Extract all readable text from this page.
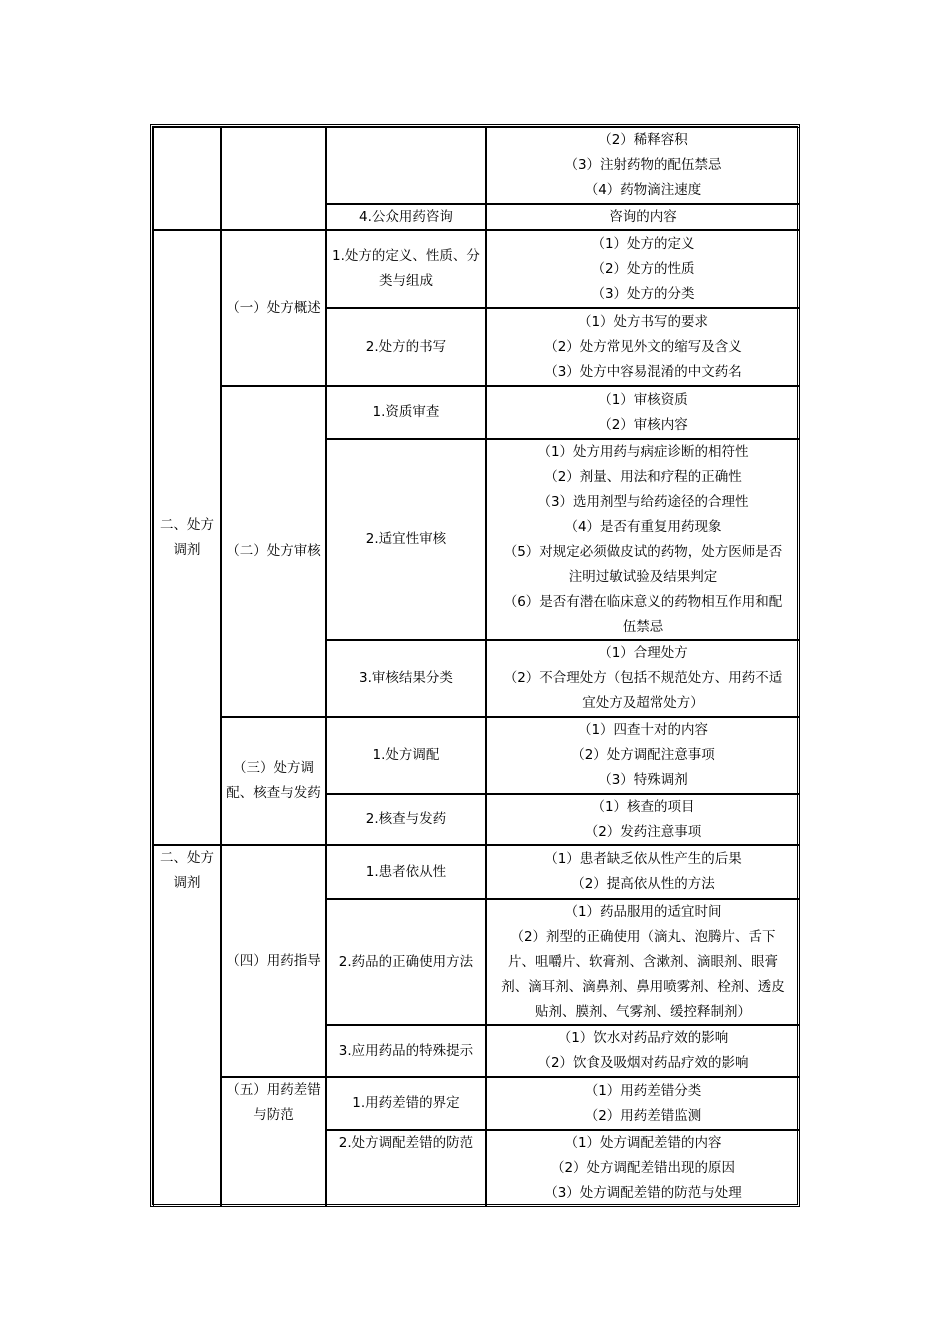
（2）稀释容积
（3）注射药物的配伍禁忌
（4）药物滴注速度
4.公众用药咨询	咨询的内容
二、处方调剂
（一）处方概述
1.处方的定义、性质、分类与组成
（1）处方的定义
（2）处方的性质
（3）处方的分类
2.处方的书写
（1）处方书写的要求
（2）处方常见外文的缩写及含义
（3）处方中容易混淆的中文药名
（二）处方审核
1.资质审查
（1）审核资质
（2）审核内容
2.适宜性审核
（1）处方用药与病症诊断的相符性
（2）剂量、用法和疗程的正确性
（3）选用剂型与给药途径的合理性
（4）是否有重复用药现象
（5）对规定必须做皮试的药物，处方医师是否
注明过敏试验及结果判定
（6）是否有潜在临床意义的药物相互作用和配
伍禁忌
3.审核结果分类
（1）合理处方
（2）不合理处方（包括不规范处方、用药不适
宜处方及超常处方）
（三）处方调
配、核查与发药
1.处方调配
（1）四查十对的内容
（2）处方调配注意事项
（3）特殊调剂
2.核查与发药
（1）核查的项目
（2）发药注意事项
二、处方
调剂
（四）用药指导
1.患者依从性
（1）患者缺乏依从性产生的后果
（2）提高依从性的方法
2.药品的正确使用方法
（1）药品服用的适宜时间
（2）剂型的正确使用（滴丸、泡腾片、舌下
片、咀嚼片、软膏剂、含漱剂、滴眼剂、眼膏
剂、滴耳剂、滴鼻剂、鼻用喷雾剂、栓剂、透皮
贴剂、膜剂、气雾剂、缓控释制剂）
3.应用药品的特殊提示
（1）饮水对药品疗效的影响
（2）饮食及吸烟对药品疗效的影响
（五）用药差错
与防范
1.用药差错的界定
（1）用药差错分类
（2）用药差错监测
2.处方调配差错的防范	（1）处方调配差错的内容
（2）处方调配差错出现的原因
（3）处方调配差错的防范与处理
